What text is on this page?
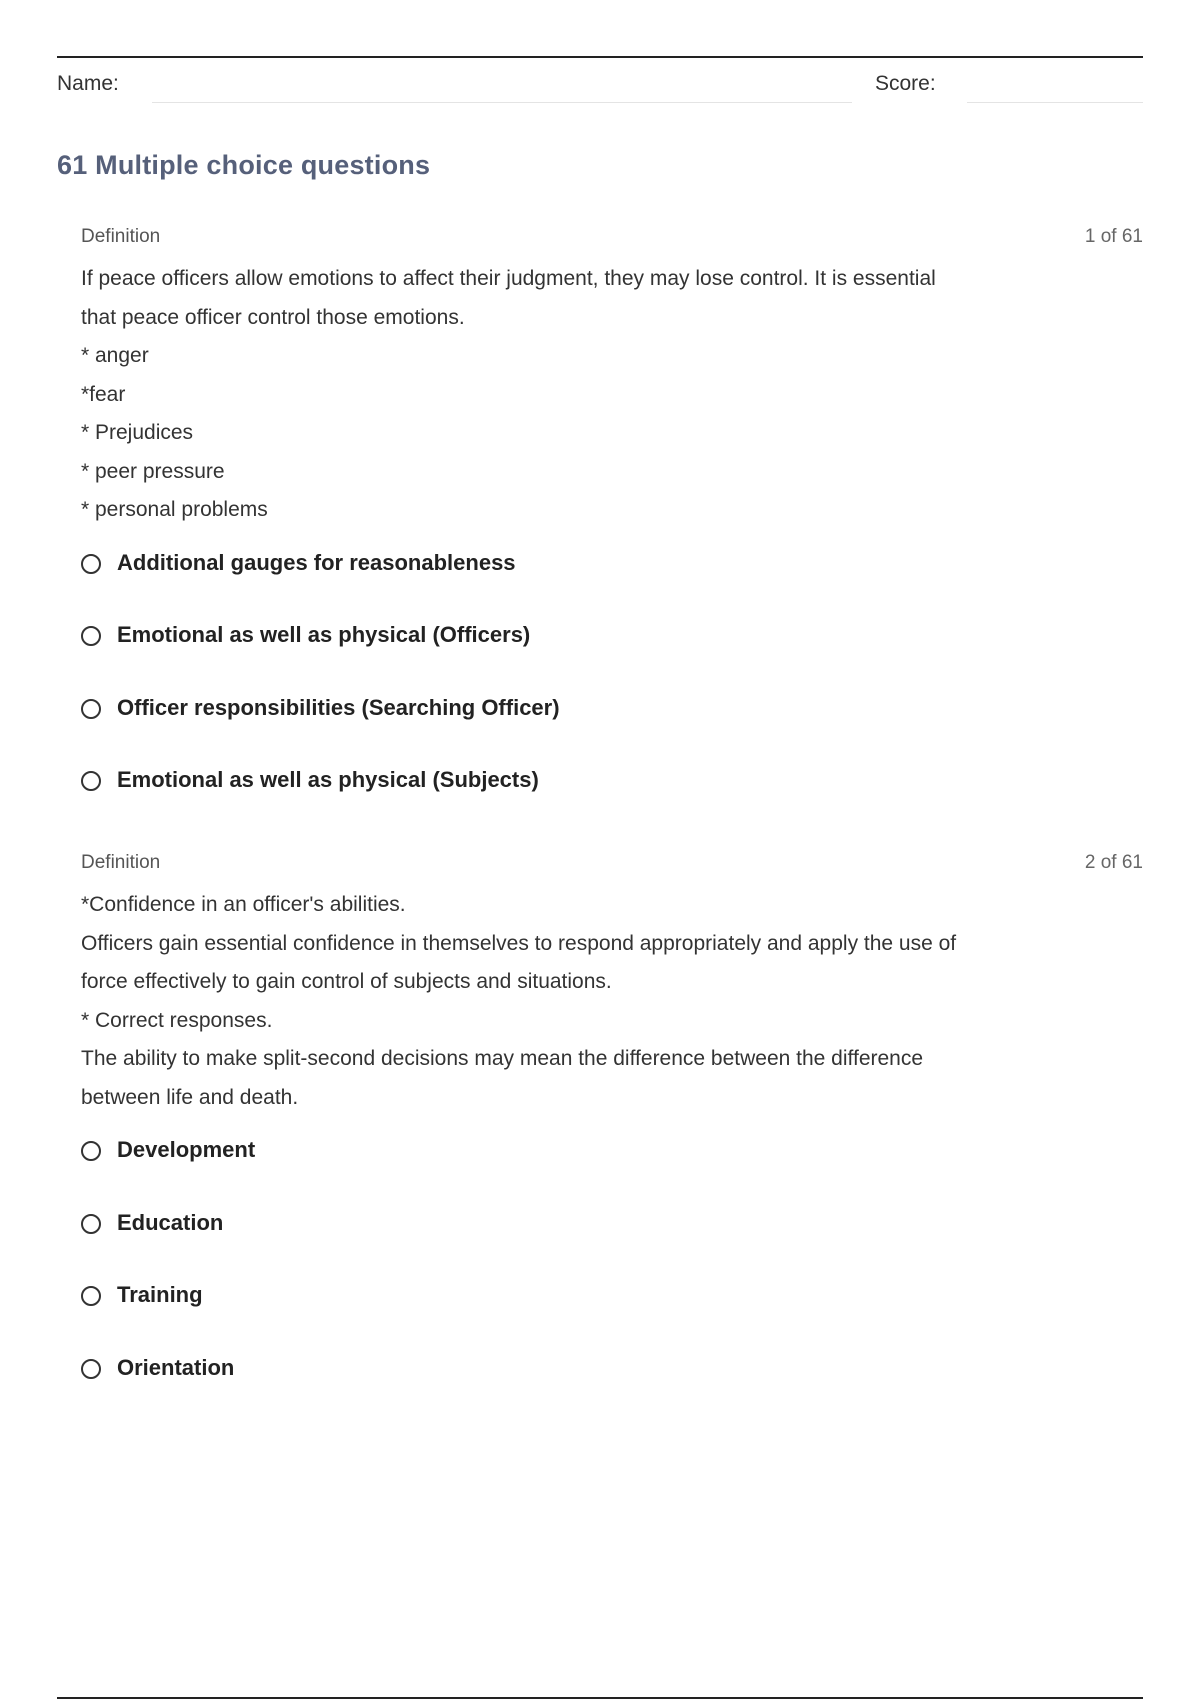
Name:	Score:
61 Multiple choice questions
Definition	1 of 61
If peace officers allow emotions to affect their judgment, they may lose control. It is essential
that peace officer control those emotions.
* anger
*fear
* Prejudices
* peer pressure
* personal problems
Additional gauges for reasonableness
Emotional as well as physical (Officers)
Officer responsibilities (Searching Officer)
Emotional as well as physical (Subjects)
Definition	2 of 61
*Confidence in an officer's abilities.
Officers gain essential confidence in themselves to respond appropriately and apply the use of
force effectively to gain control of subjects and situations.
* Correct responses.
The ability to make split-second decisions may mean the difference between the difference
between life and death.
Development
Education
Training
Orientation
